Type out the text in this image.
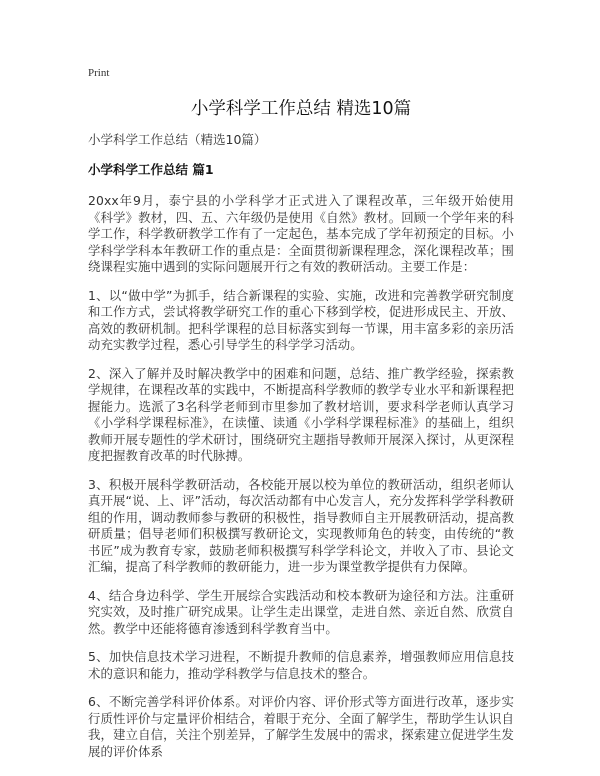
Print
小学科学工作总结 精选10篇
小学科学工作总结（精选10篇）
小学科学工作总结 篇1

20xx年9月，泰宁县的小学科学才正式进入了课程改革，三年级开始使用《科学》教材，四、五、六年级仍是使用《自然》教材。回顾一个学年来的科学工作，科学教研教学工作有了一定起色，基本完成了学年初预定的目标。小学科学学科本年教研工作的重点是：全面贯彻新课程理念，深化课程改革；围绕课程实施中遇到的实际问题展开行之有效的教研活动。主要工作是：

1、以“做中学”为抓手，结合新课程的实验、实施，改进和完善教学研究制度和工作方式，尝试将教学研究工作的重心下移到学校，促进形成民主、开放、高效的教研机制。把科学课程的总目标落实到每一节课，用丰富多彩的亲历活动充实教学过程，悉心引导学生的科学学习活动。

2、深入了解并及时解决教学中的困难和问题，总结、推广教学经验，探索教学规律，在课程改革的实践中，不断提高科学教师的教学专业水平和新课程把握能力。选派了3名科学老师到市里参加了教材培训，要求科学老师认真学习《小学科学课程标准》，在读懂、读通《小学科学课程标准》的基础上，组织教师开展专题性的学术研讨，围绕研究主题指导教师开展深入探讨，从更深程度把握教育改革的时代脉搏。

3、积极开展科学教研活动，各校能开展以校为单位的教研活动，组织老师认真开展“说、上、评”活动，每次活动都有中心发言人，充分发挥科学学科教研组的作用，调动教师参与教研的积极性，指导教师自主开展教研活动，提高教研质量；倡导老师们积极撰写教研论文，实现教师角色的转变，由传统的“教书匠”成为教育专家，鼓励老师积极撰写科学学科论文，并收入了市、县论文汇编，提高了科学教师的教研能力，进一步为课堂教学提供有力保障。

4、结合身边科学、学生开展综合实践活动和校本教研为途径和方法。注重研究实效，及时推广研究成果。让学生走出课堂，走进自然、亲近自然、欣赏自然。教学中还能将德育渗透到科学教育当中。

5、加快信息技术学习进程，不断提升教师的信息素养，增强教师应用信息技术的意识和能力，推动学科教学与信息技术的整合。

6、不断完善学科评价体系。对评价内容、评价形式等方面进行改革，逐步实行质性评价与定量评价相结合，着眼于充分、全面了解学生，帮助学生认识自我，建立自信，关注个别差异，了解学生发展中的需求，探索建立促进学生发展的评价体系
